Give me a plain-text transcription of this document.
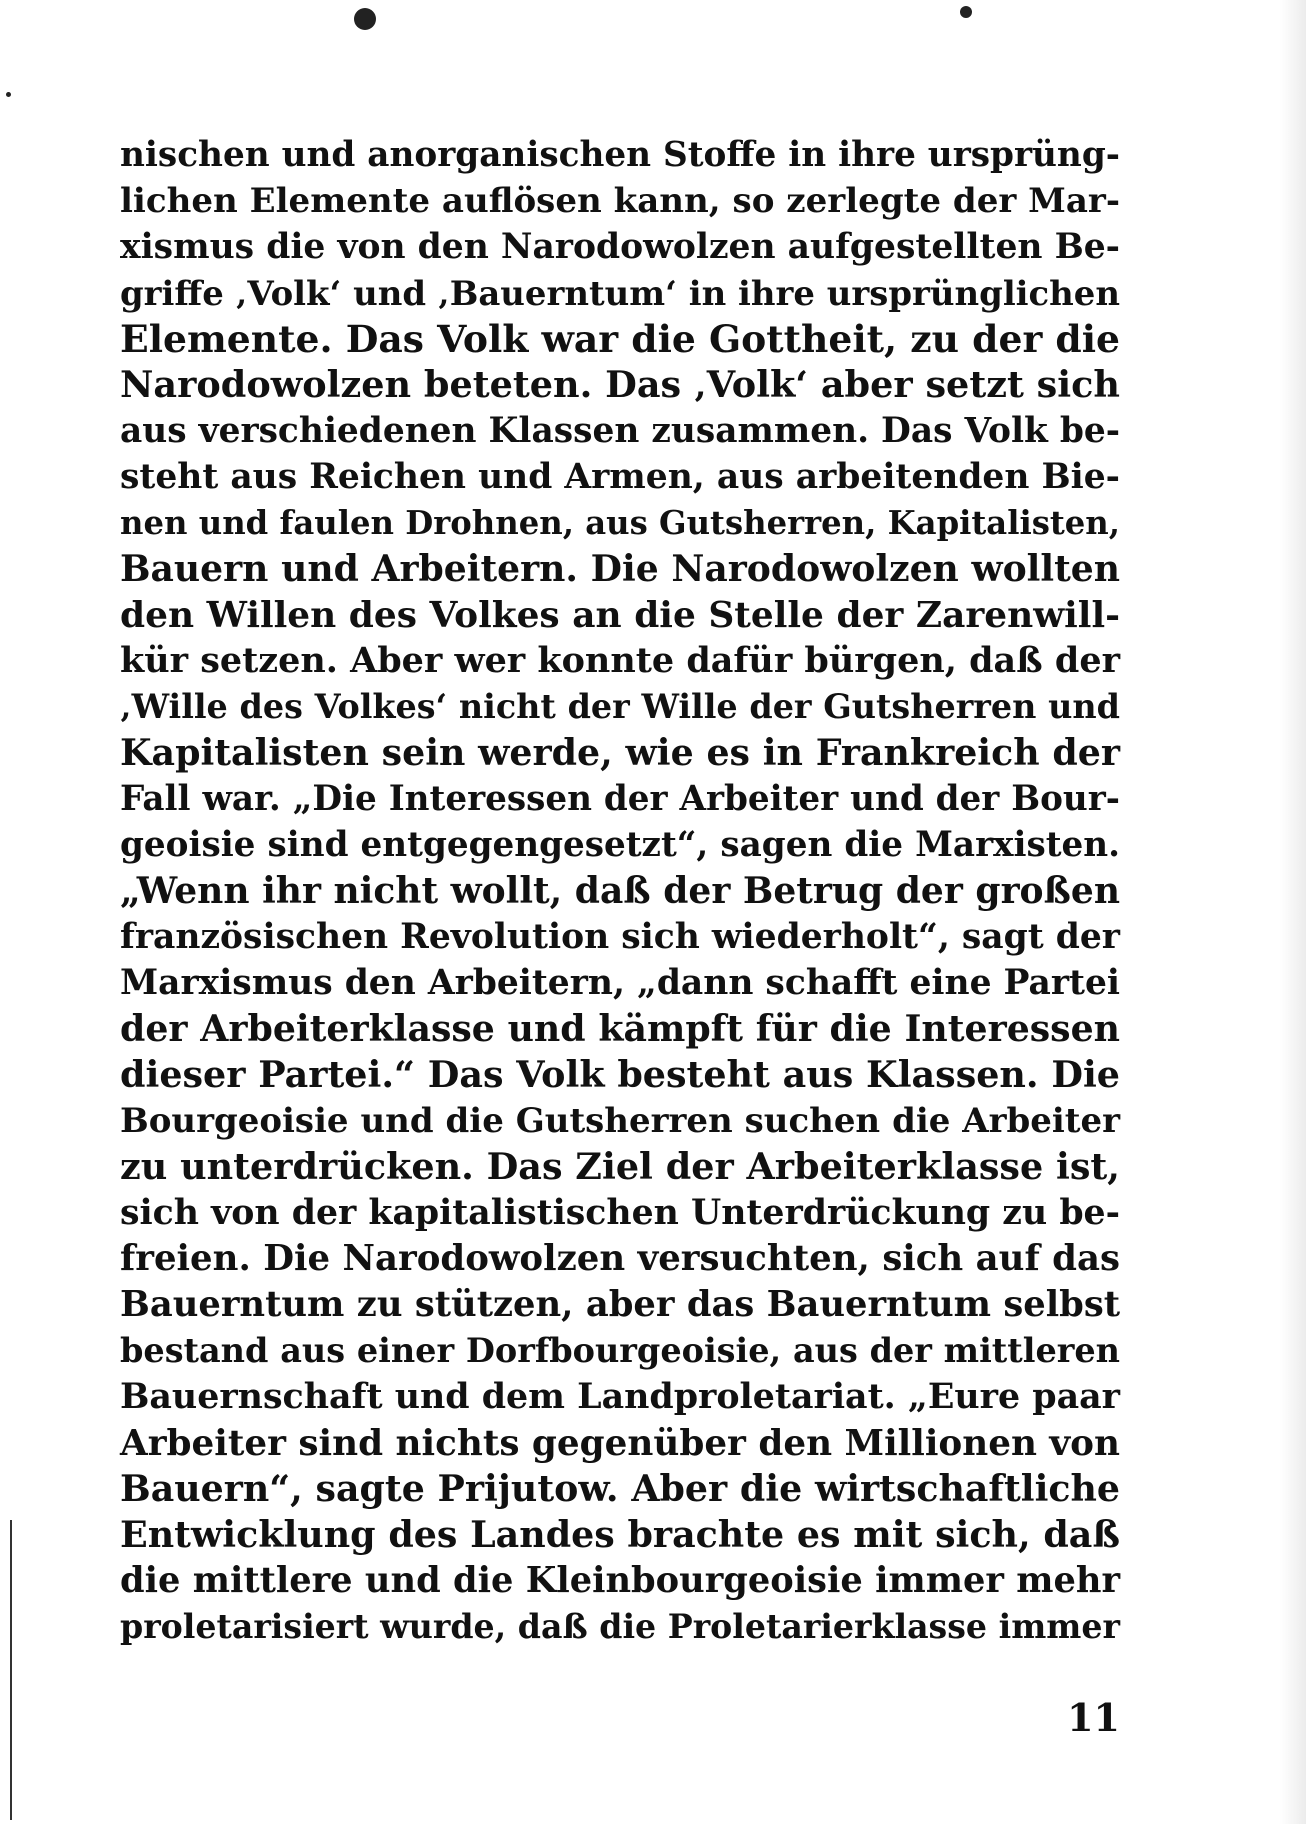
nischen und anorganischen Stoffe in ihre ursprüng-
lichen Elemente auflösen kann, so zerlegte der Mar-
xismus die von den Narodowolzen aufgestellten Be-
griffe ‚Volk‘ und ‚Bauerntum‘ in ihre ursprünglichen
Elemente. Das Volk war die Gottheit, zu der die
Narodowolzen beteten. Das ‚Volk‘ aber setzt sich
aus verschiedenen Klassen zusammen. Das Volk be-
steht aus Reichen und Armen, aus arbeitenden Bie-
nen und faulen Drohnen, aus Gutsherren, Kapitalisten,
Bauern und Arbeitern. Die Narodowolzen wollten
den Willen des Volkes an die Stelle der Zarenwill-
kür setzen. Aber wer konnte dafür bürgen, daß der
‚Wille des Volkes‘ nicht der Wille der Gutsherren und
Kapitalisten sein werde, wie es in Frankreich der
Fall war. „Die Interessen der Arbeiter und der Bour-
geoisie sind entgegengesetzt“, sagen die Marxisten.
„Wenn ihr nicht wollt, daß der Betrug der großen
französischen Revolution sich wiederholt“, sagt der
Marxismus den Arbeitern, „dann schafft eine Partei
der Arbeiterklasse und kämpft für die Interessen
dieser Partei.“ Das Volk besteht aus Klassen. Die
Bourgeoisie und die Gutsherren suchen die Arbeiter
zu unterdrücken. Das Ziel der Arbeiterklasse ist,
sich von der kapitalistischen Unterdrückung zu be-
freien. Die Narodowolzen versuchten, sich auf das
Bauerntum zu stützen, aber das Bauerntum selbst
bestand aus einer Dorfbourgeoisie, aus der mittleren
Bauernschaft und dem Landproletariat. „Eure paar
Arbeiter sind nichts gegenüber den Millionen von
Bauern“, sagte Prijutow. Aber die wirtschaftliche
Entwicklung des Landes brachte es mit sich, daß
die mittlere und die Kleinbourgeoisie immer mehr
proletarisiert wurde, daß die Proletarierklasse immer
11
